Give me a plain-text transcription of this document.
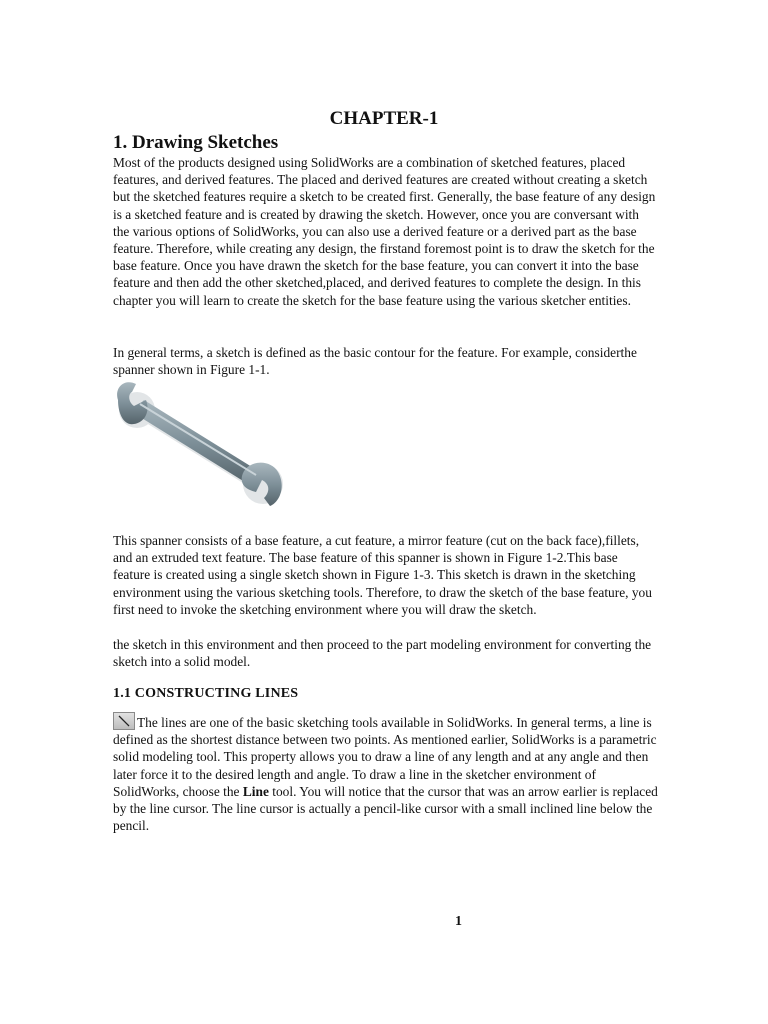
CHAPTER-1
1. Drawing Sketches

Most of the products designed using SolidWorks are a combination of sketched features, placed features, and derived features. The placed and derived features are created without creating a sketch but the sketched features require a sketch to be created first. Generally, the base feature of any design is a sketched feature and is created by drawing the sketch. However, once you are conversant with the various options of SolidWorks, you can also use a derived feature or a derived part as the base feature. Therefore, while creating any design, the firstand foremost point is to draw the sketch for the base feature. Once you have drawn the sketch for the base feature, you can convert it into the base feature and then add the other sketched,placed, and derived features to complete the design. In this chapter you will learn to create the sketch for the base feature using the various sketcher entities.

In general terms, a sketch is defined as the basic contour for the feature. For example, considerthe spanner shown in Figure 1-1.

This spanner consists of a base feature, a cut feature, a mirror feature (cut on the back face),fillets, and an extruded text feature. The base feature of this spanner is shown in Figure 1-2.This base feature is created using a single sketch shown in Figure 1-3. This sketch is drawn in the sketching environment using the various sketching tools. Therefore, to draw the sketch of the base feature, you first need to invoke the sketching environment where you will draw the sketch.

the sketch in this environment and then proceed to the part modeling environment for converting the sketch into a solid model.

1.1 CONSTRUCTING LINES

The lines are one of the basic sketching tools available in SolidWorks. In general terms, a line is defined as the shortest distance between two points. As mentioned earlier, SolidWorks is a parametric solid modeling tool. This property allows you to draw a line of any length and at any angle and then later force it to the desired length and angle. To draw a line in the sketcher environment of SolidWorks, choose the Line tool. You will notice that the cursor that was an arrow earlier is replaced by the line cursor. The line cursor is actually a pencil-like cursor with a small inclined line below the pencil.

1
